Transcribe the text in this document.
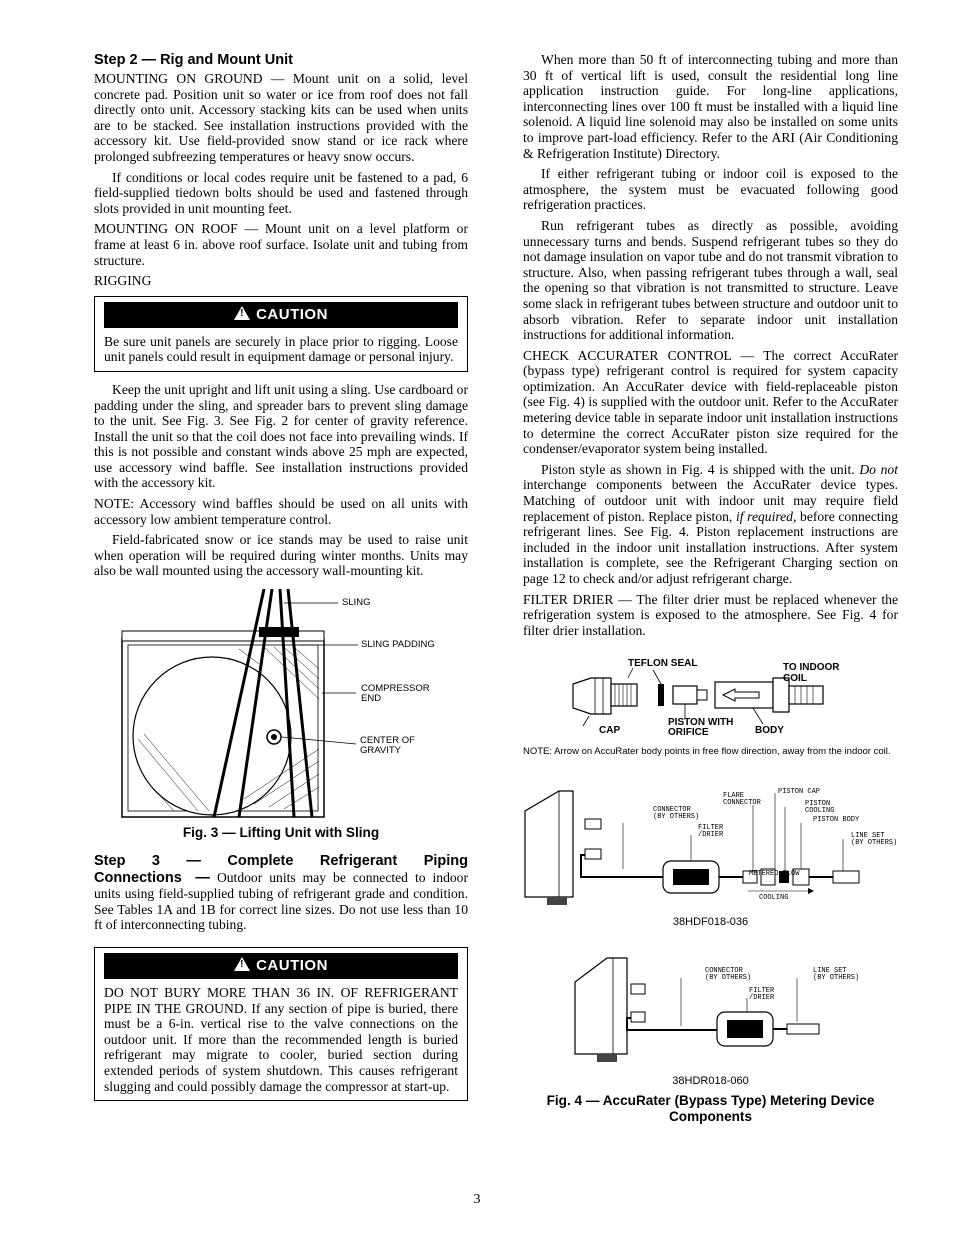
Step 2 — Rig and Mount Unit

MOUNTING ON GROUND — Mount unit on a solid, level concrete pad. Position unit so water or ice from roof does not fall directly onto unit. Accessory stacking kits can be used when units are to be stacked. See installation instructions provided with the accessory kit. Use field-provided snow stand or ice rack where prolonged subfreezing temperatures or heavy snow occurs.

If conditions or local codes require unit be fastened to a pad, 6 field-supplied tiedown bolts should be used and fastened through slots provided in unit mounting feet.

MOUNTING ON ROOF — Mount unit on a level platform or frame at least 6 in. above roof surface. Isolate unit and tubing from structure.

RIGGING

! CAUTION
Be sure unit panels are securely in place prior to rigging. Loose unit panels could result in equipment damage or personal injury.

Keep the unit upright and lift unit using a sling. Use cardboard or padding under the sling, and spreader bars to prevent sling damage to the unit. See Fig. 3. See Fig. 2 for center of gravity reference. Install the unit so that the coil does not face into prevailing winds. If this is not possible and constant winds above 25 mph are expected, use accessory wind baffle. See installation instructions provided with the accessory kit.

NOTE: Accessory wind baffles should be used on all units with accessory low ambient temperature control.

Field-fabricated snow or ice stands may be used to raise unit when operation will be required during winter months. Units may also be wall mounted using the accessory wall-mounting kit.

SLING
SLING PADDING
COMPRESSOR END
CENTER OF GRAVITY
Fig. 3 — Lifting Unit with Sling
Step 3 — Complete Refrigerant Piping Connections — Outdoor units may be connected to indoor units using field-supplied tubing of refrigerant grade and condition. See Tables 1A and 1B for correct line sizes. Do not use less than 10 ft of interconnecting tubing.
! CAUTION
DO NOT BURY MORE THAN 36 IN. OF REFRIGERANT PIPE IN THE GROUND. If any section of pipe is buried, there must be a 6-in. vertical rise to the valve connections on the outdoor unit. If more than the recommended length is buried refrigerant may migrate to cooler, buried section during extended periods of system shutdown. This causes refrigerant slugging and could possibly damage the compressor at start-up.

When more than 50 ft of interconnecting tubing and more than 30 ft of vertical lift is used, consult the residential long line application instruction guide. For long-line applications, interconnecting lines over 100 ft must be installed with a liquid line solenoid. A liquid line solenoid may also be installed on some units to improve part-load efficiency. Refer to the ARI (Air Conditioning & Refrigeration Institute) Directory.

If either refrigerant tubing or indoor coil is exposed to the atmosphere, the system must be evacuated following good refrigeration practices.

Run refrigerant tubes as directly as possible, avoiding unnecessary turns and bends. Suspend refrigerant tubes so they do not damage insulation on vapor tube and do not transmit vibration to structure. Also, when passing refrigerant tubes through a wall, seal the opening so that vibration is not transmitted to structure. Leave some slack in refrigerant tubes between structure and outdoor unit to absorb vibration. Refer to separate indoor unit installation instructions for additional information.

CHECK ACCURATER CONTROL — The correct AccuRater (bypass type) refrigerant control is required for system capacity optimization. An AccuRater device with field-replaceable piston (see Fig. 4) is supplied with the outdoor unit. Refer to the AccuRater metering device table in separate indoor unit installation instructions to determine the correct AccuRater piston size required for the condenser/evaporator system being installed.

Piston style as shown in Fig. 4 is shipped with the unit. Do not interchange components between the AccuRater device types. Matching of outdoor unit with indoor unit may require field replacement of piston. Replace piston, if required, before connecting refrigerant lines. See Fig. 4. Piston replacement instructions are included in the indoor unit installation instructions. After system installation is complete, see the Refrigerant Charging section on page 12 to check and/or adjust refrigerant charge.

FILTER DRIER — The filter drier must be replaced whenever the refrigeration system is exposed to the atmosphere. See Fig. 4 for filter drier installation.

TEFLON SEAL	TO INDOOR COIL
CAP
PISTON WITH ORIFICE	BODY
NOTE: Arrow on AccuRater body points in free flow direction, away from the indoor coil.
PISTON CAP
FLARE CONNECTOR	PISTON COOLING
CONNECTOR (BY OTHERS)	PISTON BODY
FILTER /DRIER	LINE SET (BY OTHERS)
METERED FLOW
COOLING
38HDF018-036
CONNECTOR (BY OTHERS)
LINE SET (BY OTHERS)
FILTER /DRIER
38HDR018-060
Fig. 4 — AccuRater (Bypass Type) Metering Device Components
3
